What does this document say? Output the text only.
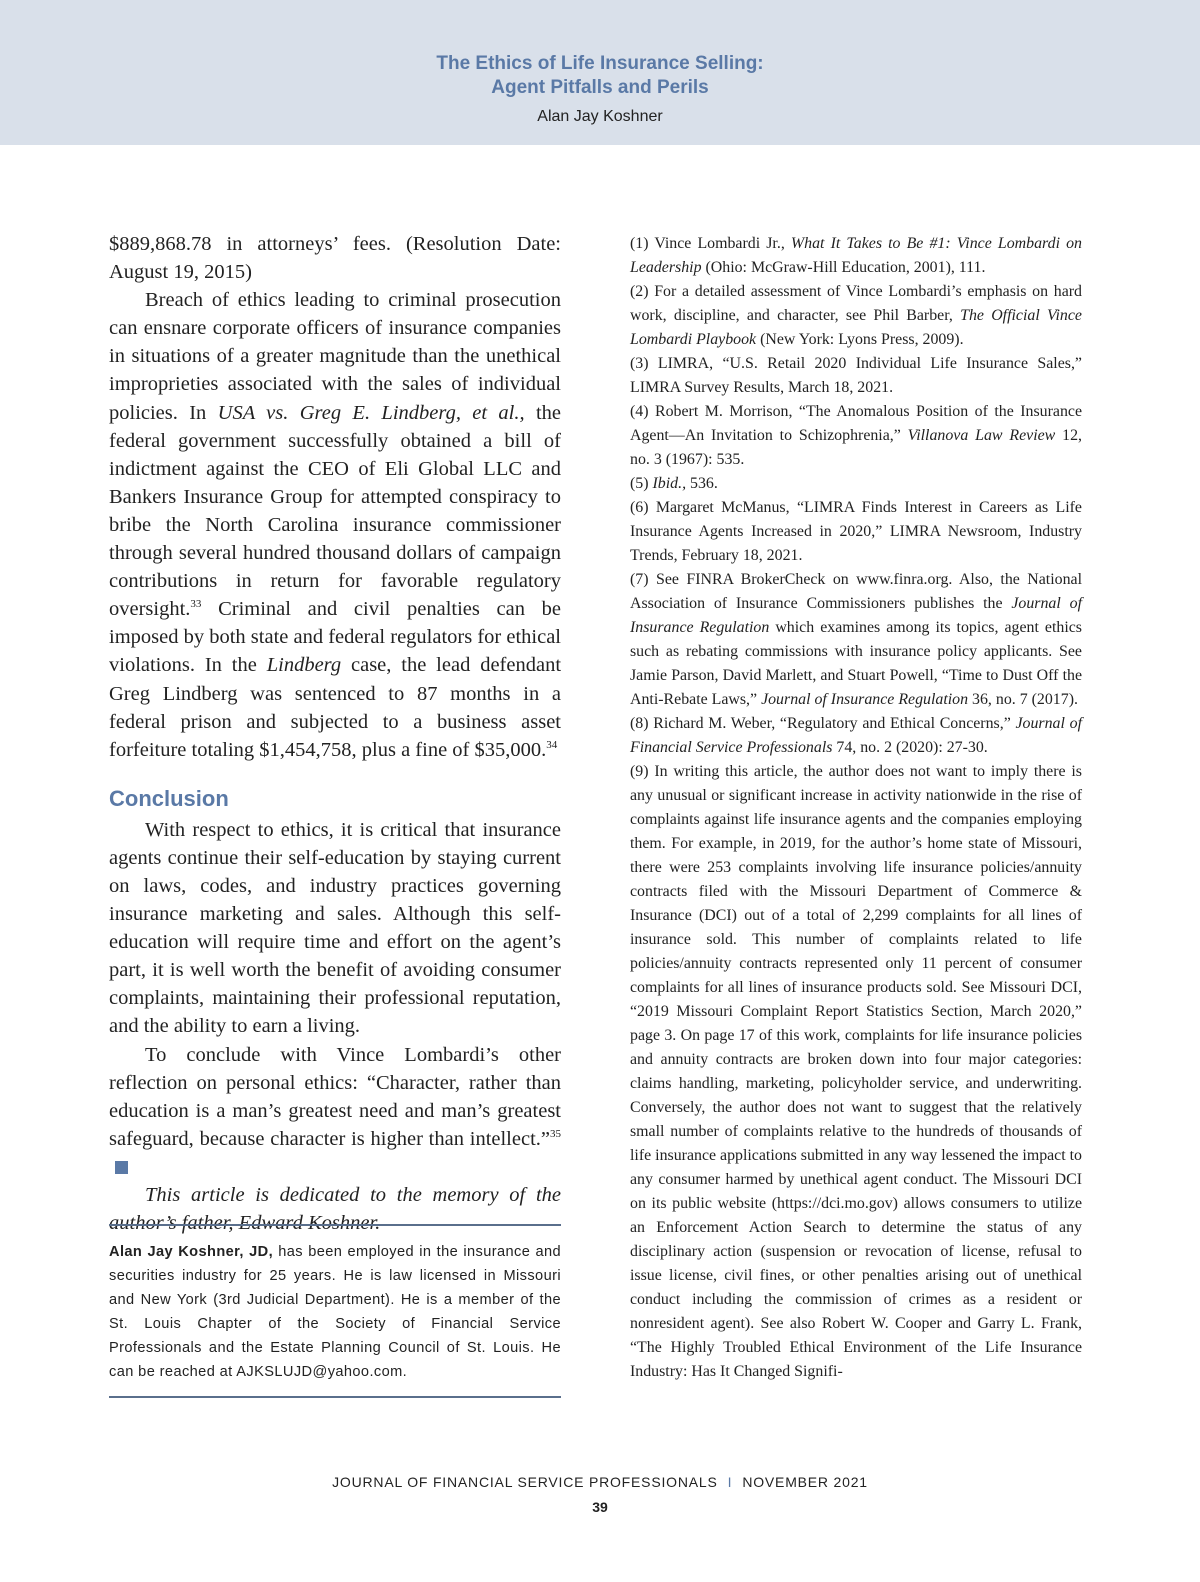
The Ethics of Life Insurance Selling:
Agent Pitfalls and Perils
Alan Jay Koshner

$889,868.78 in attorneys’ fees. (Resolution Date: August 19, 2015)

Breach of ethics leading to criminal prosecution can ensnare corporate officers of insurance companies in situations of a greater magnitude than the unethical improprieties associated with the sales of individual policies. In USA vs. Greg E. Lindberg, et al., the federal government successfully obtained a bill of indictment against the CEO of Eli Global LLC and Bankers Insurance Group for attempted conspiracy to bribe the North Carolina insurance commissioner through several hundred thousand dollars of campaign contributions in return for favorable regulatory oversight.$^{33}$ Criminal and civil penalties can be imposed by both state and federal regulators for ethical violations. In the Lindberg case, the lead defendant Greg Lindberg was sentenced to 87 months in a federal prison and subjected to a business asset forfeiture totaling $1,454,758, plus a fine of $35,000.34

Conclusion

With respect to ethics, it is critical that insurance agents continue their self-education by staying current on laws, codes, and industry practices governing insurance marketing and sales. Although this self-education will require time and effort on the agent’s part, it is well worth the benefit of avoiding consumer complaints, maintaining their professional reputation, and the ability to earn a living.

To conclude with Vince Lombardi’s other reflection on personal ethics: “Character, rather than education is a man’s greatest need and man’s greatest safeguard, because character is higher than intellect.”$^{35}$

This article is dedicated to the memory of the author’s father, Edward Koshner.

Alan Jay Koshner, JD, has been employed in the insurance and securities industry for 25 years. He is law licensed in Missouri and New York (3rd Judicial Department). He is a member of the St. Louis Chapter of the Society of Financial Service Professionals and the Estate Planning Council of St. Louis. He can be reached at AJKSLUJD@yahoo.com.

(1) Vince Lombardi Jr., What It Takes to Be #1: Vince Lombardi on Leadership (Ohio: McGraw-Hill Education, 2001), 111.

(2) For a detailed assessment of Vince Lombardi’s emphasis on hard work, discipline, and character, see Phil Barber, The Official Vince Lombardi Playbook (New York: Lyons Press, 2009).

(3) LIMRA, “U.S. Retail 2020 Individual Life Insurance Sales,” LIMRA Survey Results, March 18, 2021.

(4) Robert M. Morrison, “The Anomalous Position of the Insurance Agent—An Invitation to Schizophrenia,” Villanova Law Review 12, no. 3 (1967): 535.

(5) Ibid., 536.

(6) Margaret McManus, “LIMRA Finds Interest in Careers as Life Insurance Agents Increased in 2020,” LIMRA Newsroom, Industry Trends, February 18, 2021.

(7) See FINRA BrokerCheck on www.finra.org. Also, the National Association of Insurance Commissioners publishes the Journal of Insurance Regulation which examines among its topics, agent ethics such as rebating commissions with insurance policy applicants. See Jamie Parson, David Marlett, and Stuart Powell, “Time to Dust Off the Anti-Rebate Laws,” Journal of Insurance Regulation 36, no. 7 (2017).

(8) Richard M. Weber, “Regulatory and Ethical Concerns,” Journal of Financial Service Professionals 74, no. 2 (2020): 27-30.

(9) In writing this article, the author does not want to imply there is any unusual or significant increase in activity nationwide in the rise of complaints against life insurance agents and the companies employing them. For example, in 2019, for the author’s home state of Missouri, there were 253 complaints involving life insurance policies/annuity contracts filed with the Missouri Department of Commerce & Insurance (DCI) out of a total of 2,299 complaints for all lines of insurance sold. This number of complaints related to life policies/annuity contracts represented only 11 percent of consumer complaints for all lines of insurance products sold. See Missouri DCI, “2019 Missouri Complaint Report Statistics Section, March 2020,” page 3. On page 17 of this work, complaints for life insurance policies and annuity contracts are broken down into four major categories: claims handling, marketing, policyholder service, and underwriting. Conversely, the author does not want to suggest that the relatively small number of complaints relative to the hundreds of thousands of life insurance applications submitted in any way lessened the impact to any consumer harmed by unethical agent conduct. The Missouri DCI on its public website (https://dci.mo.gov) allows consumers to utilize an Enforcement Action Search to determine the status of any disciplinary action (suspension or revocation of license, refusal to issue license, civil fines, or other penalties arising out of unethical conduct including the commission of crimes as a resident or nonresident agent). See also Robert W. Cooper and Garry L. Frank, “The Highly Troubled Ethical Environment of the Life Insurance Industry: Has It Changed Signifi-

JOURNAL OF FINANCIAL SERVICE PROFESSIONALS I NOVEMBER 2021
39
